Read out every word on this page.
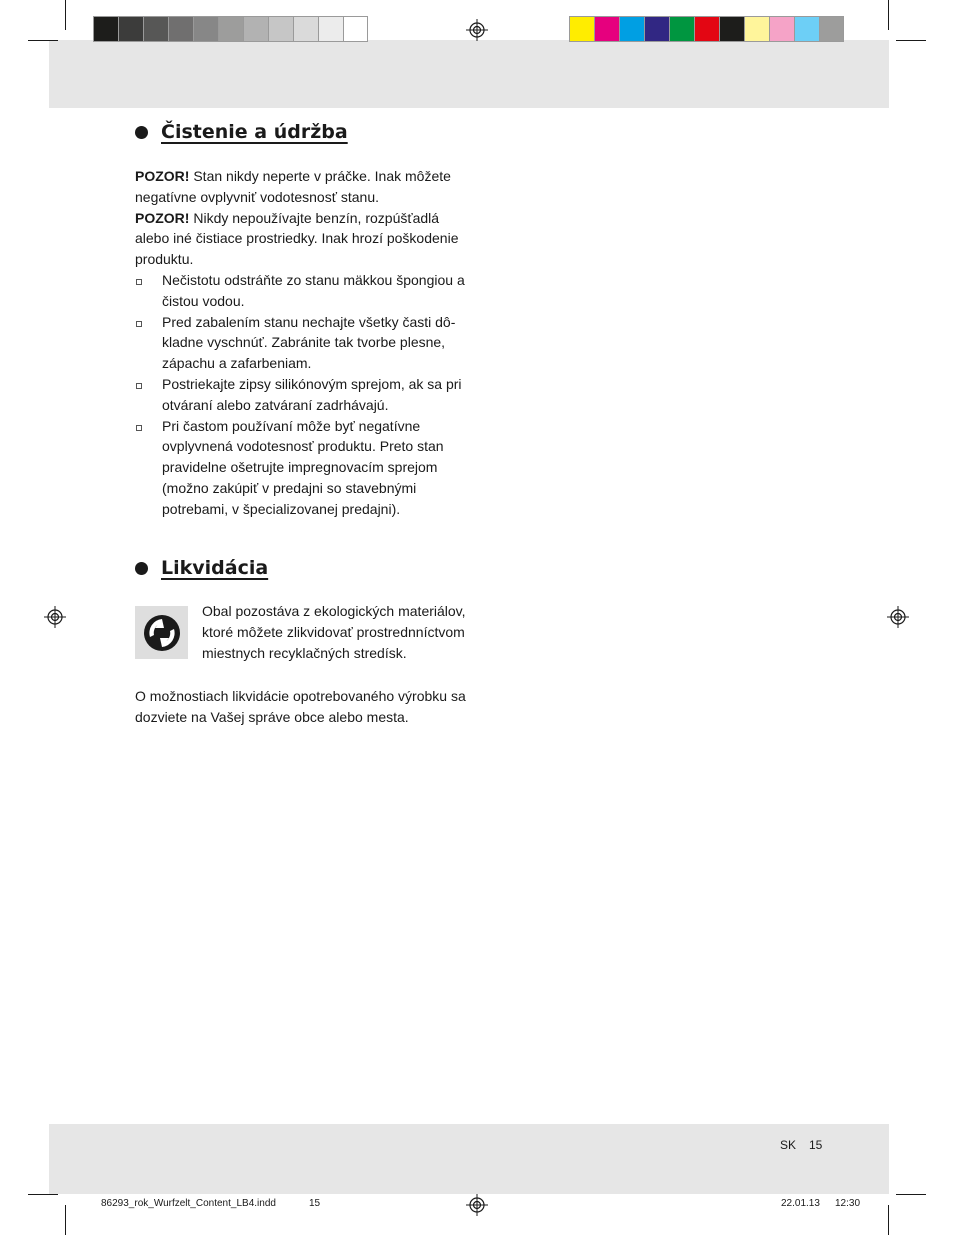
Čistenie a údržba

POZOR! Stan nikdy neperte v práčke. Inak môžete negatívne ovplyvniť vodotesnosť stanu.

POZOR! Nikdy nepoužívajte benzín, rozpúšťadlá alebo iné čistiace prostriedky. Inak hrozí poškodenie produktu.

Nečistotu odstráňte zo stanu mäkkou špongiou a čistou vodou.
Pred zabalením stanu nechajte všetky časti dôkladne vyschnúť. Zabránite tak tvorbe plesne, zápachu a zafarbeniam.
Postriekajte zipsy silikónovým sprejom, ak sa pri otváraní alebo zatváraní zadrhávajú.
Pri častom používaní môže byť negatívne ovplyvnená vodotesnosť produktu. Preto stan pravidelne ošetrujte impregnovacím sprejom (možno zakúpiť v predajni so stavebnými potrebami, v špecializovanej predajni).
Likvidácia
Obal pozostáva z ekologických materiálov, ktoré môžete zlikvidovať prostrednníctvom miestnych recyklačných stredísk.

O možnostiach likvidácie opotrebovaného výrobku sa dozviete na Vašej správe obce alebo mesta.

SK 15
86293_rok_Wurfzelt_Content_LB4.indd	15	22.01.13 12:30
